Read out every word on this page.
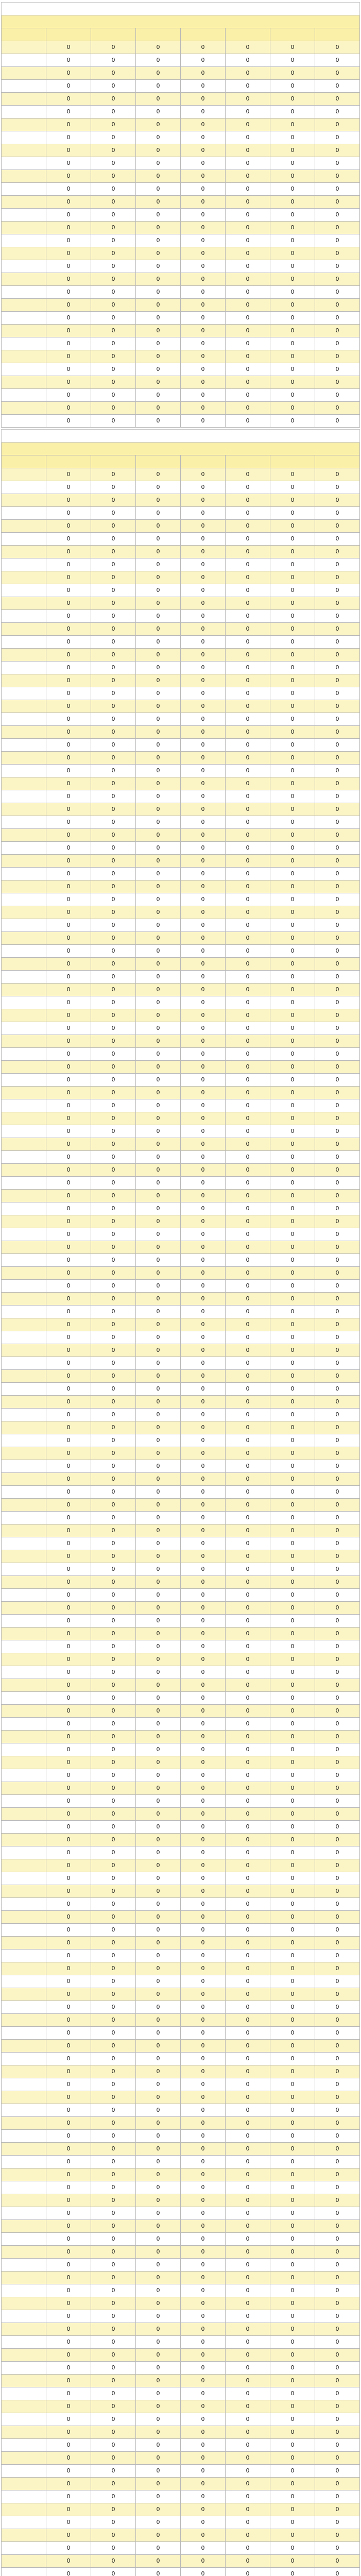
	0	0	0	0	0	0	0
	0	0	0	0	0	0	0
	0	0	0	0	0	0	0
	0	0	0	0	0	0	0
	0	0	0	0	0	0	0
	0	0	0	0	0	0	0
	0	0	0	0	0	0	0
	0	0	0	0	0	0	0
	0	0	0	0	0	0	0
	0	0	0	0	0	0	0
	0	0	0	0	0	0	0
	0	0	0	0	0	0	0
	0	0	0	0	0	0	0
	0	0	0	0	0	0	0
	0	0	0	0	0	0	0
	0	0	0	0	0	0	0
	0	0	0	0	0	0	0
	0	0	0	0	0	0	0
	0	0	0	0	0	0	0
	0	0	0	0	0	0	0
	0	0	0	0	0	0	0
	0	0	0	0	0	0	0
	0	0	0	0	0	0	0
	0	0	0	0	0	0	0
	0	0	0	0	0	0	0
	0	0	0	0	0	0	0
	0	0	0	0	0	0	0
	0	0	0	0	0	0	0
	0	0	0	0	0	0	0
	0	0	0	0	0	0	0

	0	0	0	0	0	0	0
	0	0	0	0	0	0	0
	0	0	0	0	0	0	0
	0	0	0	0	0	0	0
	0	0	0	0	0	0	0
	0	0	0	0	0	0	0
	0	0	0	0	0	0	0
	0	0	0	0	0	0	0
	0	0	0	0	0	0	0
	0	0	0	0	0	0	0
	0	0	0	0	0	0	0
	0	0	0	0	0	0	0
	0	0	0	0	0	0	0
	0	0	0	0	0	0	0
	0	0	0	0	0	0	0
	0	0	0	0	0	0	0
	0	0	0	0	0	0	0
	0	0	0	0	0	0	0
	0	0	0	0	0	0	0
	0	0	0	0	0	0	0
	0	0	0	0	0	0	0
	0	0	0	0	0	0	0
	0	0	0	0	0	0	0
	0	0	0	0	0	0	0
	0	0	0	0	0	0	0
	0	0	0	0	0	0	0
	0	0	0	0	0	0	0
	0	0	0	0	0	0	0
	0	0	0	0	0	0	0
	0	0	0	0	0	0	0
	0	0	0	0	0	0	0
	0	0	0	0	0	0	0
	0	0	0	0	0	0	0
	0	0	0	0	0	0	0
	0	0	0	0	0	0	0
	0	0	0	0	0	0	0
	0	0	0	0	0	0	0
	0	0	0	0	0	0	0
	0	0	0	0	0	0	0
	0	0	0	0	0	0	0
	0	0	0	0	0	0	0
	0	0	0	0	0	0	0
	0	0	0	0	0	0	0
	0	0	0	0	0	0	0
	0	0	0	0	0	0	0
	0	0	0	0	0	0	0
	0	0	0	0	0	0	0
	0	0	0	0	0	0	0
	0	0	0	0	0	0	0
	0	0	0	0	0	0	0
	0	0	0	0	0	0	0
	0	0	0	0	0	0	0
	0	0	0	0	0	0	0
	0	0	0	0	0	0	0
	0	0	0	0	0	0	0
	0	0	0	0	0	0	0
	0	0	0	0	0	0	0
	0	0	0	0	0	0	0
	0	0	0	0	0	0	0
	0	0	0	0	0	0	0
	0	0	0	0	0	0	0
	0	0	0	0	0	0	0
	0	0	0	0	0	0	0
	0	0	0	0	0	0	0
	0	0	0	0	0	0	0
	0	0	0	0	0	0	0
	0	0	0	0	0	0	0
	0	0	0	0	0	0	0
	0	0	0	0	0	0	0
	0	0	0	0	0	0	0
	0	0	0	0	0	0	0
	0	0	0	0	0	0	0
	0	0	0	0	0	0	0
	0	0	0	0	0	0	0
	0	0	0	0	0	0	0
	0	0	0	0	0	0	0
	0	0	0	0	0	0	0
	0	0	0	0	0	0	0
	0	0	0	0	0	0	0
	0	0	0	0	0	0	0
	0	0	0	0	0	0	0
	0	0	0	0	0	0	0
	0	0	0	0	0	0	0
	0	0	0	0	0	0	0
	0	0	0	0	0	0	0
	0	0	0	0	0	0	0
	0	0	0	0	0	0	0
	0	0	0	0	0	0	0
	0	0	0	0	0	0	0
	0	0	0	0	0	0	0
	0	0	0	0	0	0	0
	0	0	0	0	0	0	0
	0	0	0	0	0	0	0
	0	0	0	0	0	0	0
	0	0	0	0	0	0	0
	0	0	0	0	0	0	0
	0	0	0	0	0	0	0
	0	0	0	0	0	0	0
	0	0	0	0	0	0	0
	0	0	0	0	0	0	0
	0	0	0	0	0	0	0
	0	0	0	0	0	0	0
	0	0	0	0	0	0	0
	0	0	0	0	0	0	0
	0	0	0	0	0	0	0
	0	0	0	0	0	0	0
	0	0	0	0	0	0	0
	0	0	0	0	0	0	0
	0	0	0	0	0	0	0
	0	0	0	0	0	0	0
	0	0	0	0	0	0	0
	0	0	0	0	0	0	0
	0	0	0	0	0	0	0
	0	0	0	0	0	0	0
	0	0	0	0	0	0	0
	0	0	0	0	0	0	0
	0	0	0	0	0	0	0
	0	0	0	0	0	0	0
	0	0	0	0	0	0	0
	0	0	0	0	0	0	0
	0	0	0	0	0	0	0
	0	0	0	0	0	0	0
	0	0	0	0	0	0	0
	0	0	0	0	0	0	0
	0	0	0	0	0	0	0
	0	0	0	0	0	0	0
	0	0	0	0	0	0	0
	0	0	0	0	0	0	0
	0	0	0	0	0	0	0
	0	0	0	0	0	0	0
	0	0	0	0	0	0	0
	0	0	0	0	0	0	0
	0	0	0	0	0	0	0
	0	0	0	0	0	0	0
	0	0	0	0	0	0	0
	0	0	0	0	0	0	0
	0	0	0	0	0	0	0
	0	0	0	0	0	0	0
	0	0	0	0	0	0	0
	0	0	0	0	0	0	0
	0	0	0	0	0	0	0
	0	0	0	0	0	0	0
	0	0	0	0	0	0	0
	0	0	0	0	0	0	0
	0	0	0	0	0	0	0
	0	0	0	0	0	0	0
	0	0	0	0	0	0	0
	0	0	0	0	0	0	0
	0	0	0	0	0	0	0
	0	0	0	0	0	0	0
	0	0	0	0	0	0	0
	0	0	0	0	0	0	0
	0	0	0	0	0	0	0
	0	0	0	0	0	0	0
	0	0	0	0	0	0	0
	0	0	0	0	0	0	0
	0	0	0	0	0	0	0
	0	0	0	0	0	0	0
	0	0	0	0	0	0	0
	0	0	0	0	0	0	0
	0	0	0	0	0	0	0
	0	0	0	0	0	0	0
	0	0	0	0	0	0	0
	0	0	0	0	0	0	0
